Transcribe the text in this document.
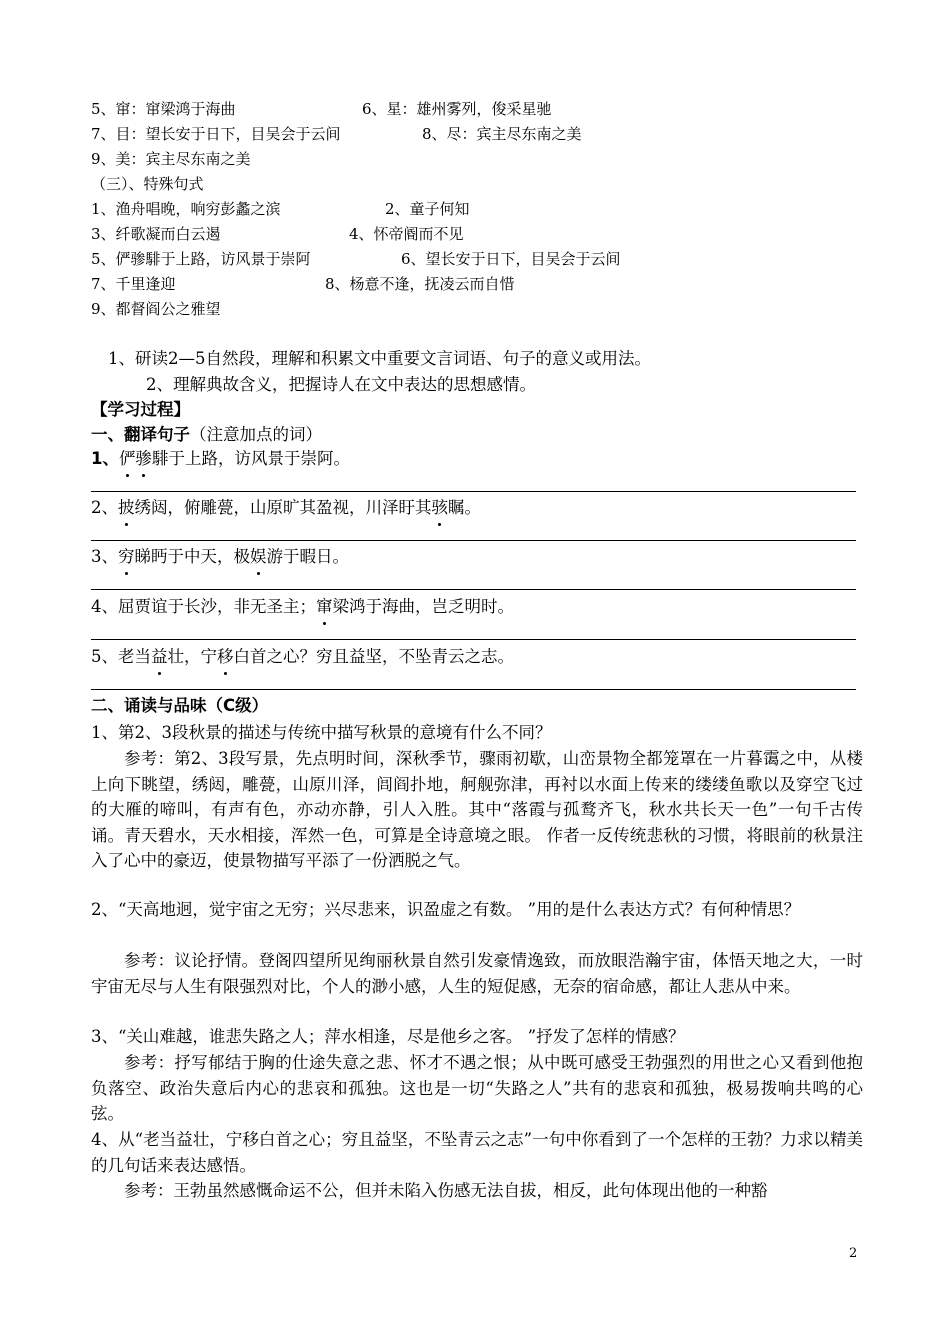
5、窜：窜梁鸿于海曲	6、星：雄州雾列，俊采星驰
7、目：望长安于日下，目吴会于云间	8、尽：宾主尽东南之美
9、美：宾主尽东南之美
（三）、特殊句式
1、渔舟唱晚，响穷彭蠡之滨	2、童子何知
3、纤歌凝而白云遏	4、怀帝阍而不见
5、俨骖騑于上路，访风景于崇阿	6、望长安于日下，目吴会于云间
7、千里逢迎	8、杨意不逢，抚凌云而自惜
9、都督阎公之雅望
1、研读2—5自然段，理解和积累文中重要文言词语、句子的意义或用法。
2、理解典故含义，把握诗人在文中表达的思想感情。
【学习过程】
一、翻译句子（注意加点的词）
1、俨骖騑于上路，访风景于崇阿。
2、披绣闼，俯雕甍，山原旷其盈视，川泽盱其骇瞩。
3、穷睇眄于中天，极娱游于暇日。
4、屈贾谊于长沙，非无圣主；窜梁鸿于海曲，岂乏明时。
5、老当益壮，宁移白首之心？穷且益坚，不坠青云之志。
二、诵读与品味（C级）
1、第2、3段秋景的描述与传统中描写秋景的意境有什么不同？
参考：第2、3段写景，先点明时间，深秋季节，骤雨初歇，山峦景物全都笼罩在一片暮霭之中，从楼上向下眺望，绣闼，雕甍，山原川泽，闾阎扑地，舸舰弥津，再衬以水面上传来的缕缕鱼歌以及穿空飞过的大雁的啼叫，有声有色，亦动亦静，引人入胜。其中“落霞与孤鹜齐飞，秋水共长天一色”一句千古传诵。青天碧水，天水相接，浑然一色，可算是全诗意境之眼。 作者一反传统悲秋的习惯，将眼前的秋景注入了心中的豪迈，使景物描写平添了一份洒脱之气。
2、“天高地迥，觉宇宙之无穷；兴尽悲来，识盈虚之有数。 ”用的是什么表达方式？有何种情思？
参考：议论抒情。登阁四望所见绚丽秋景自然引发豪情逸致，而放眼浩瀚宇宙，体悟天地之大，一时宇宙无尽与人生有限强烈对比，个人的渺小感，人生的短促感，无奈的宿命感，都让人悲从中来。
3、“关山难越，谁悲失路之人；萍水相逢，尽是他乡之客。 ”抒发了怎样的情感？
参考：抒写郁结于胸的仕途失意之悲、怀才不遇之恨；从中既可感受王勃强烈的用世之心又看到他抱负落空、政治失意后内心的悲哀和孤独。这也是一切“失路之人”共有的悲哀和孤独，极易拨响共鸣的心弦。
4、从“老当益壮，宁移白首之心；穷且益坚，不坠青云之志”一句中你看到了一个怎样的王勃？力求以精美的几句话来表达感悟。
参考：王勃虽然感慨命运不公，但并未陷入伤感无法自拔，相反，此句体现出他的一种豁
2
